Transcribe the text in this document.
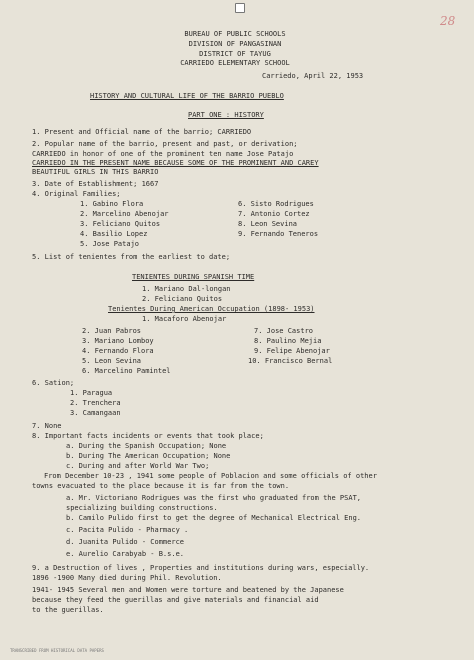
28
BUREAU OF PUBLIC SCHOOLS
DIVISION OF PANGASINAN
DISTRICT OF TAYUG
CARRIEDO ELEMENTARY SCHOOL
Carriedo, April 22, 1953
HISTORY AND CULTURAL LIFE OF THE BARRIO PUEBLO
PART ONE : HISTORY
1. Present and Official name of the barrio; CARRIEDO
2. Popular name of the barrio, present and past, or derivation;
CARRIEDO in honor of one of the prominent ten name Jose Patajo
CARRIEDO IN THE PRESENT NAME BECAUSE SOME OF THE PROMINENT AND CAREY
BEAUTIFUL GIRLS IN THIS BARRIO
3. Date of Establishment; 1667
4. Original Families;
1. Gabino Flora	6. Sisto Rodrigues
2. Marcelino Abenojar	7. Antonio Cortez
3. Feliciano Quitos	8. Leon Sevina
4. Basilio Lopez	9. Fernando Teneros
5. Jose Patajo
5. List of tenientes from the earliest to date;
TENIENTES DURING SPANISH TIME
1. Mariano Dal-longan
2. Feliciano Quitos
Tenientes During American Occupation (1898- 1953)
1. Macaforo Abenojar
2. Juan Pabros	7. Jose Castro
3. Mariano Lomboy	8. Paulino Mejia
4. Fernando Flora	9. Felipe Abenojar
5. Leon Sevina	10. Francisco Bernal
6. Marcelino Pamintel
6. Sation;
1. Paragua
2. Trenchera
3. Camangaan
7. None
8. Important facts incidents or events that took place;
a. During the Spanish Occupation; None
b. During The American Occupation; None
c. During and after World War Two;
From December 10-23 , 1941 some people of Poblacion and some officials of other
towns evacuated to the place because it is far from the town.
a. Mr. Victoriano Rodrigues was the first who graduated from the PSAT,
specializing building constructions.
b. Camilo Pulido first to get the degree of Mechanical Electrical Eng.
c. Pacita Pulido - Pharmacy .
d. Juanita Pulido - Commerce
e. Aurelio Carabyab - B.s.e.
9. a Destruction of lives , Properties and institutions during wars, especially.
1896 -1900 Many died during Phil. Revolution.
1941- 1945 Several men and Women were torture and beatened by the Japanese
because they feed the guerillas and give materials and financial aid
to the guerillas.
TRANSCRIBED FROM HISTORICAL DATA PAPERS
